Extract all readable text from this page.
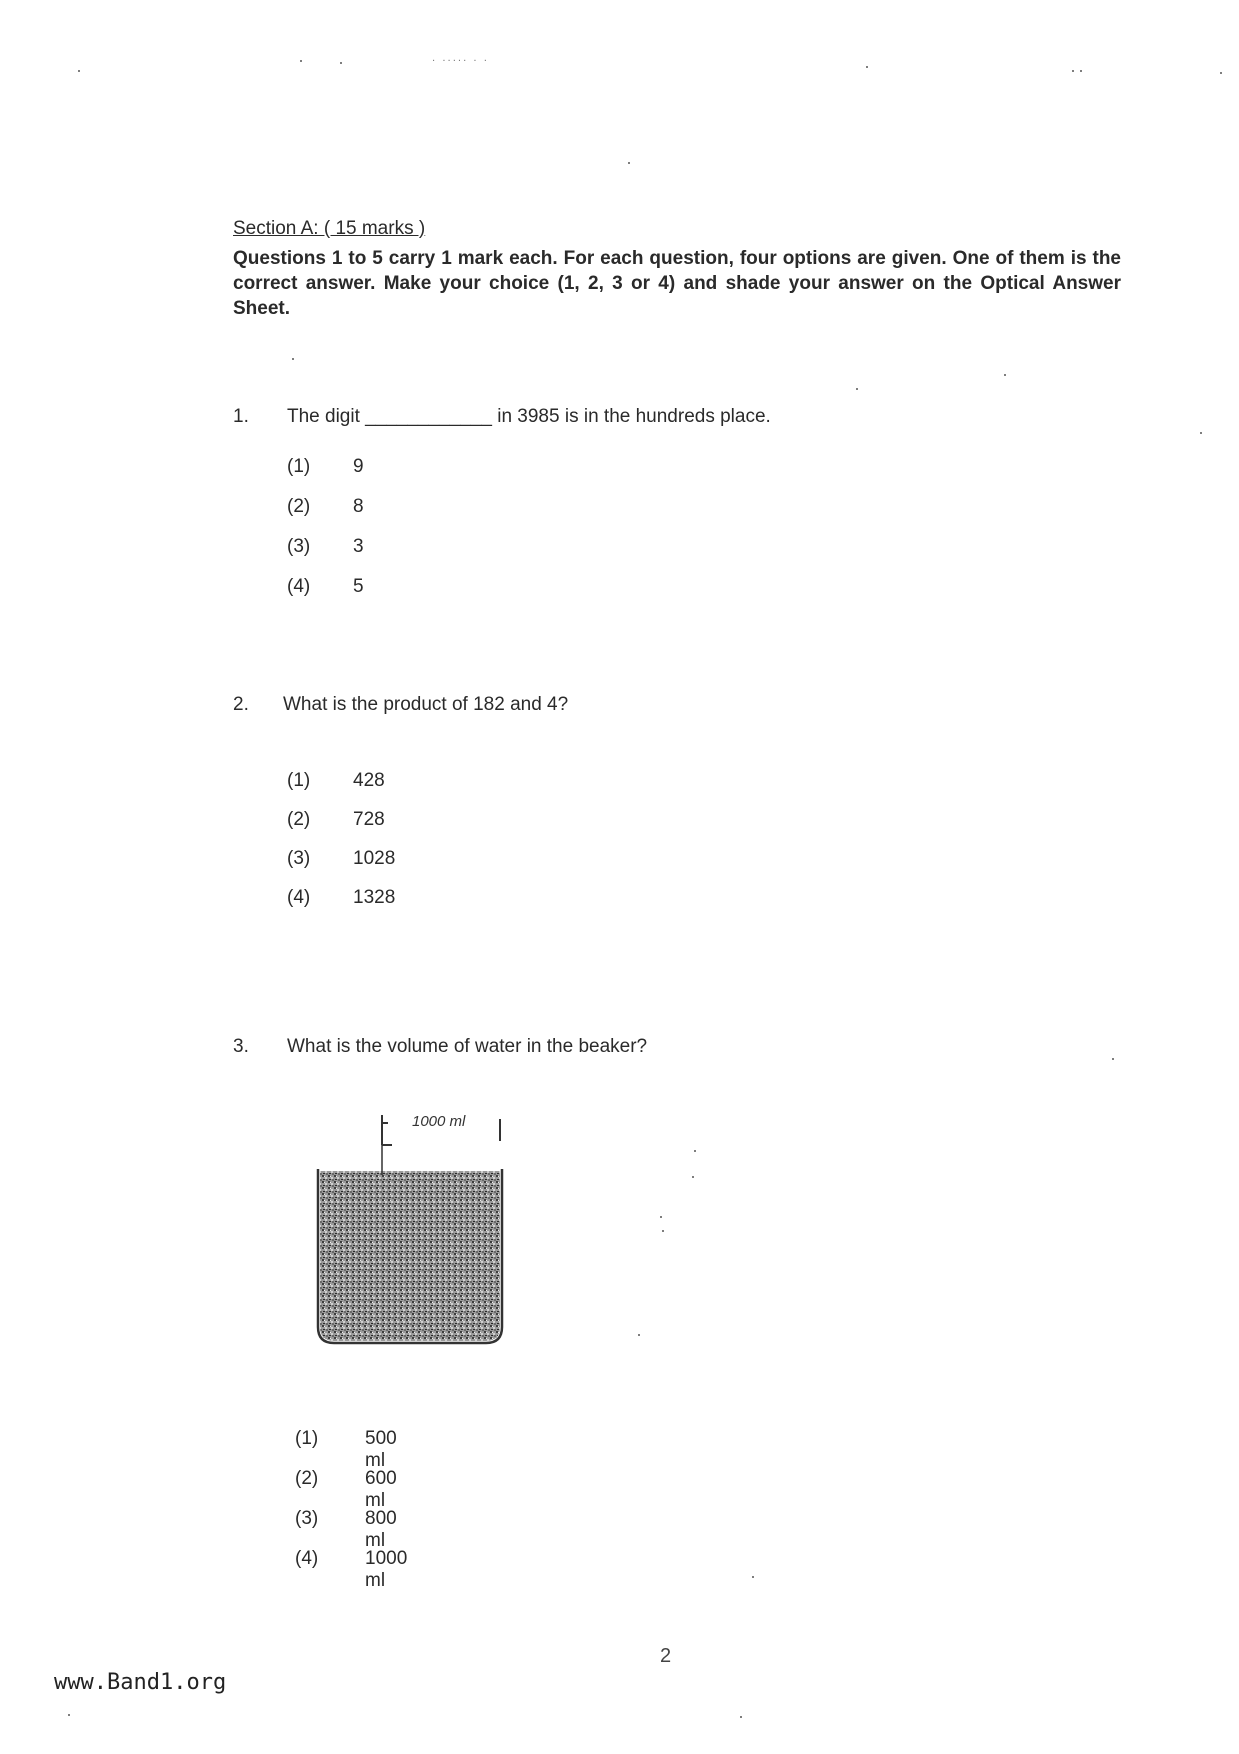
· ····· · ·
Section A: ( 15 marks )
Questions 1 to 5 carry 1 mark each. For each question, four options are given. One of them is the correct answer. Make your choice (1, 2, 3 or 4) and shade your answer on the Optical Answer Sheet.
1. The digit ____________ in 3985 is in the hundreds place.
(1) 9
(2) 8
(3) 3
(4) 5
2. What is the product of 182 and 4?
(1) 428
(2) 728
(3) 1028
(4) 1328
3. What is the volume of water in the beaker?
1000 ml
(1) 500 ml
(2) 600 ml
(3) 800 ml
(4) 1000 ml
2
www.Band1.org
